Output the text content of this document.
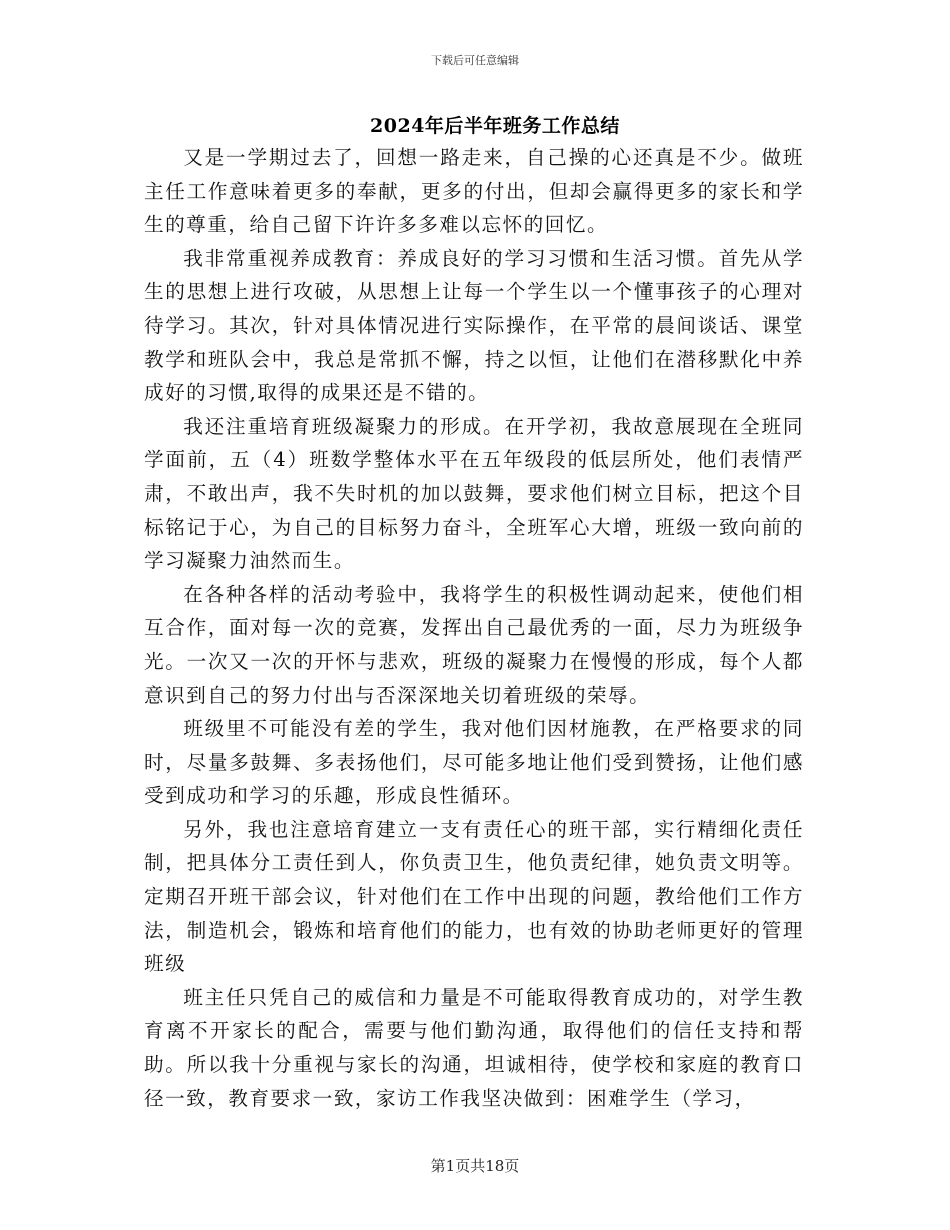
下载后可任意编辑
2024年后半年班务工作总结

又是一学期过去了，回想一路走来，自己操的心还真是不少。做班主任工作意味着更多的奉献，更多的付出，但却会赢得更多的家长和学生的尊重，给自己留下许许多多难以忘怀的回忆。

我非常重视养成教育：养成良好的学习习惯和生活习惯。首先从学生的思想上进行攻破，从思想上让每一个学生以一个懂事孩子的心理对待学习。其次，针对具体情况进行实际操作，在平常的晨间谈话、课堂教学和班队会中，我总是常抓不懈，持之以恒，让他们在潜移默化中养成好的习惯,取得的成果还是不错的。

我还注重培育班级凝聚力的形成。在开学初，我故意展现在全班同学面前，五（4）班数学整体水平在五年级段的低层所处，他们表情严肃，不敢出声，我不失时机的加以鼓舞，要求他们树立目标，把这个目标铭记于心，为自己的目标努力奋斗，全班军心大增，班级一致向前的学习凝聚力油然而生。

在各种各样的活动考验中，我将学生的积极性调动起来，使他们相互合作，面对每一次的竞赛，发挥出自己最优秀的一面，尽力为班级争光。一次又一次的开怀与悲欢，班级的凝聚力在慢慢的形成，每个人都意识到自己的努力付出与否深深地关切着班级的荣辱。

班级里不可能没有差的学生，我对他们因材施教，在严格要求的同时，尽量多鼓舞、多表扬他们，尽可能多地让他们受到赞扬，让他们感受到成功和学习的乐趣，形成良性循环。

另外，我也注意培育建立一支有责任心的班干部，实行精细化责任制，把具体分工责任到人，你负责卫生，他负责纪律，她负责文明等。定期召开班干部会议，针对他们在工作中出现的问题，教给他们工作方法，制造机会，锻炼和培育他们的能力，也有效的协助老师更好的管理班级

班主任只凭自己的威信和力量是不可能取得教育成功的，对学生教育离不开家长的配合，需要与他们勤沟通，取得他们的信任支持和帮助。所以我十分重视与家长的沟通，坦诚相待，使学校和家庭的教育口径一致，教育要求一致，家访工作我坚决做到：困难学生（学习，

第1页共18页
